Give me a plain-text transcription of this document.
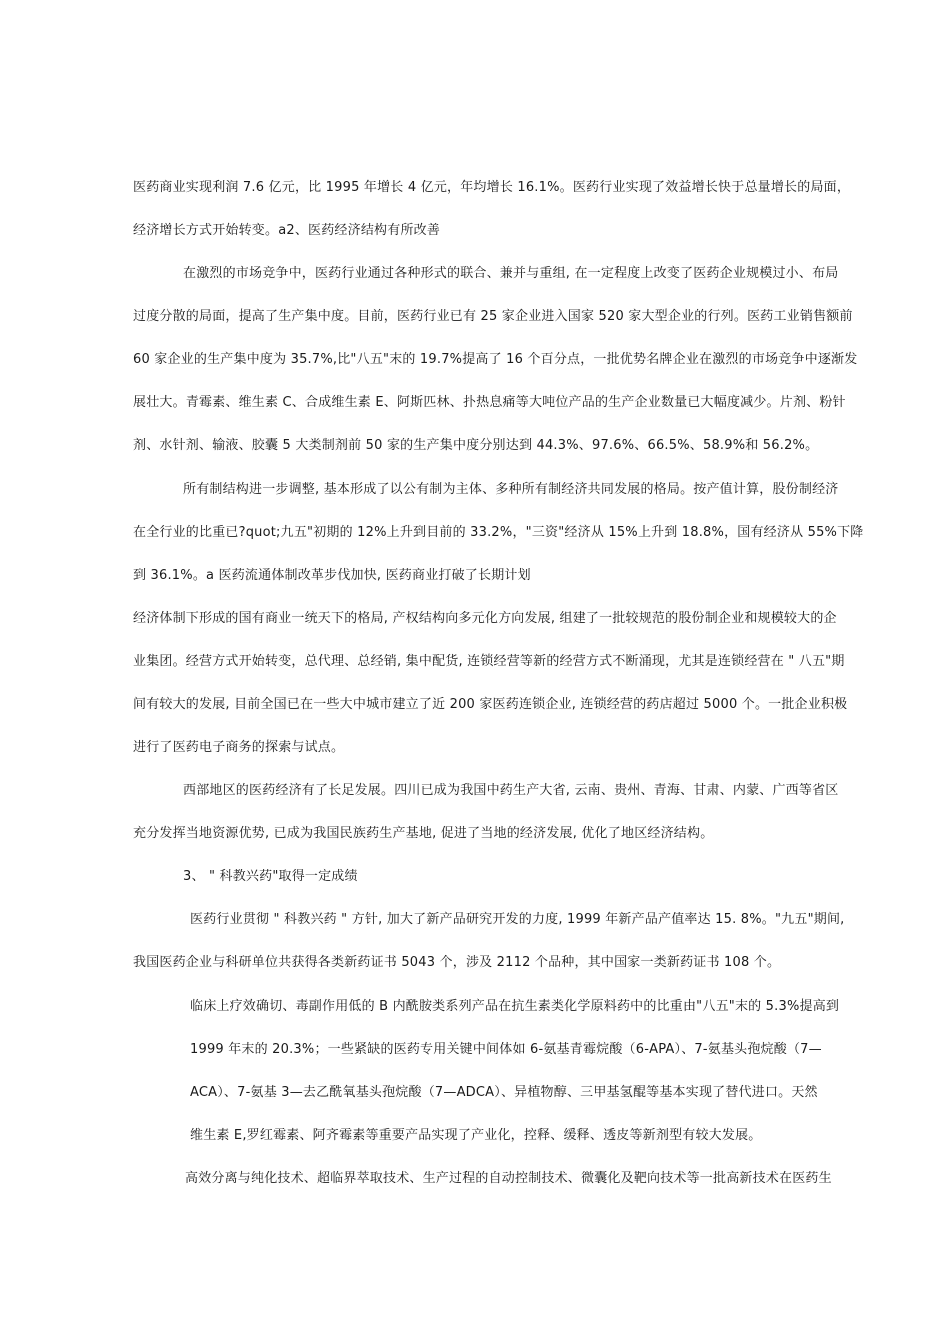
医药商业实现利润 7.6 亿元，比 1995 年增长 4 亿元，年均增长 16.1%。医药行业实现了效益增长快于总量增长的局面，
经济增长方式开始转变。a2、医药经济结构有所改善
在激烈的市场竞争中，医药行业通过各种形式的联合、兼并与重组, 在一定程度上改变了医药企业规模过小、布局
过度分散的局面，提高了生产集中度。目前，医药行业已有 25 家企业进入国家 520 家大型企业的行列。医药工业销售额前
60 家企业的生产集中度为 35.7%,比"八五"末的 19.7%提高了 16 个百分点，一批优势名牌企业在激烈的市场竞争中逐渐发
展壮大。青霉素、维生素 C、合成维生素 E、阿斯匹林、扑热息痛等大吨位产品的生产企业数量已大幅度减少。片剂、粉针
剂、水针剂、输液、胶囊 5 大类制剂前 50 家的生产集中度分别达到 44.3%、97.6%、66.5%、58.9%和 56.2%。
所有制结构进一步调整, 基本形成了以公有制为主体、多种所有制经济共同发展的格局。按产值计算，股份制经济
在全行业的比重已?quot;九五"初期的 12%上升到目前的 33.2%，"三资"经济从 15%上升到 18.8%，国有经济从 55%下降
到 36.1%。a 医药流通体制改革步伐加快, 医药商业打破了长期计划
经济体制下形成的国有商业一统天下的格局, 产权结构向多元化方向发展, 组建了一批较规范的股份制企业和规模较大的企
业集团。经营方式开始转变，总代理、总经销, 集中配货, 连锁经营等新的经营方式不断涌现，尤其是连锁经营在 " 八五"期
间有较大的发展, 目前全国已在一些大中城市建立了近 200 家医药连锁企业, 连锁经营的药店超过 5000 个。一批企业积极
进行了医药电子商务的探索与试点。
西部地区的医药经济有了长足发展。四川已成为我国中药生产大省, 云南、贵州、青海、甘肃、内蒙、广西等省区
充分发挥当地资源优势, 已成为我国民族药生产基地, 促进了当地的经济发展, 优化了地区经济结构。
3、 " 科教兴药"取得一定成绩
医药行业贯彻 " 科教兴药 " 方针, 加大了新产品研究开发的力度, 1999 年新产品产值率达 15. 8%。"九五"期间,
我国医药企业与科研单位共获得各类新药证书 5043 个，涉及 2112 个品种，其中国家一类新药证书 108 个。
临床上疗效确切、毒副作用低的 B 内酰胺类系列产品在抗生素类化学原料药中的比重由"八五"末的 5.3%提高到
1999 年末的 20.3%；一些紧缺的医药专用关键中间体如 6-氨基青霉烷酸（6-APA）、7-氨基头孢烷酸（7—
ACA）、7-氨基 3—去乙酰氧基头孢烷酸（7—ADCA）、异植物醇、三甲基氢醌等基本实现了替代进口。天然
维生素 E,罗红霉素、阿齐霉素等重要产品实现了产业化，控释、缓释、透皮等新剂型有较大发展。
高效分离与纯化技术、超临界萃取技术、生产过程的自动控制技术、微囊化及靶向技术等一批高新技术在医药生
